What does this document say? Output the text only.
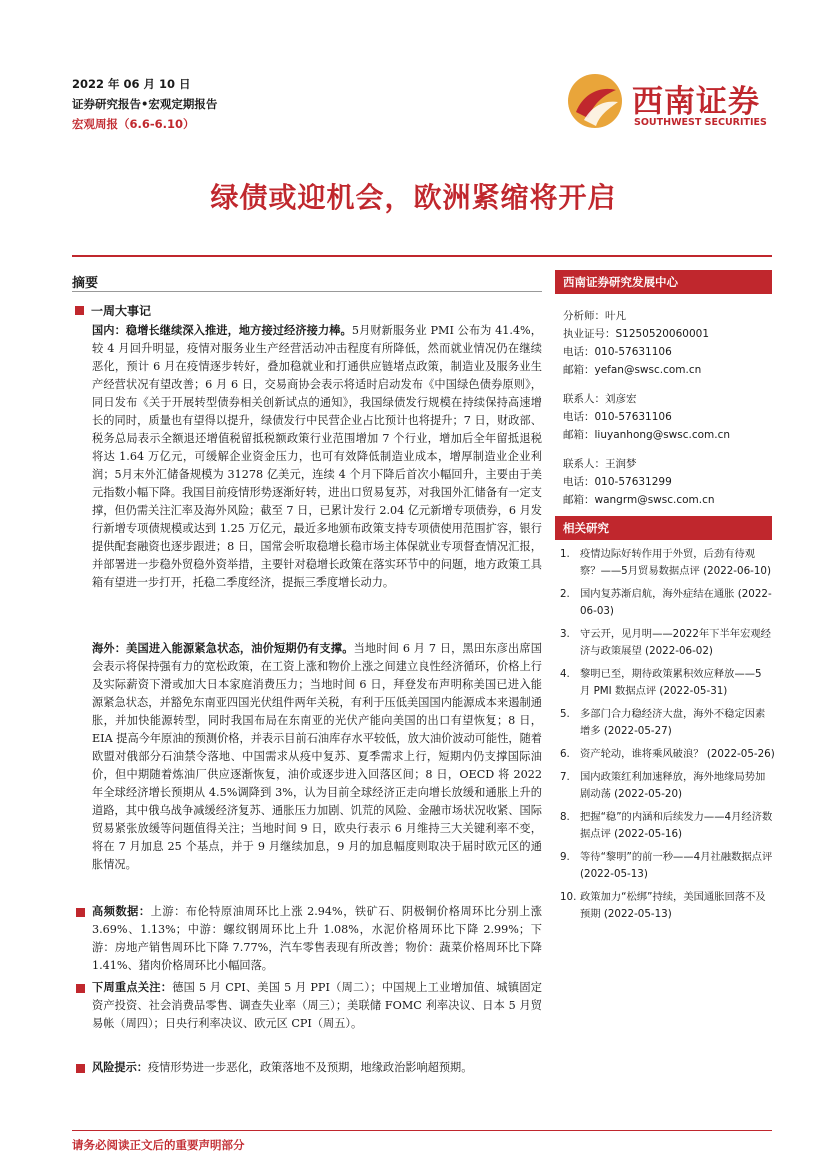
2022 年 06 月 10 日
证券研究报告•宏观定期报告
宏观周报（6.6-6.10）
西南证券
SOUTHWEST SECURITIES
绿债或迎机会，欧洲紧缩将开启
摘要
一周大事记

国内：稳增长继续深入推进，地方接过经济接力棒。5月财新服务业 PMI 公布为 41.4%，较 4 月回升明显，疫情对服务业生产经营活动冲击程度有所降低，然而就业情况仍在继续恶化，预计 6 月在疫情逐步转好，叠加稳就业和打通供应链堵点政策，制造业及服务业生产经营状况有望改善；6 月 6 日，交易商协会表示将适时启动发布《中国绿色债券原则》，同日发布《关于开展转型债券相关创新试点的通知》，我国绿债发行规模在持续保持高速增长的同时，质量也有望得以提升，绿债发行中民营企业占比预计也将提升；7 日，财政部、税务总局表示全额退还增值税留抵税额政策行业范围增加 7 个行业，增加后全年留抵退税将达 1.64 万亿元，可缓解企业资金压力，也可有效降低制造业成本，增厚制造业企业利润；5月末外汇储备规模为 31278 亿美元，连续 4 个月下降后首次小幅回升，主要由于美元指数小幅下降。我国目前疫情形势逐渐好转，进出口贸易复苏，对我国外汇储备有一定支撑，但仍需关注汇率及海外风险；截至 7 日，已累计发行 2.04 亿元新增专项债券，6 月发行新增专项债规模或达到 1.25 万亿元，最近多地颁布政策支持专项债使用范围扩容，银行提供配套融资也逐步跟进；8 日，国常会听取稳增长稳市场主体保就业专项督查情况汇报，并部署进一步稳外贸稳外资举措，主要针对稳增长政策在落实环节中的问题，地方政策工具箱有望进一步打开，托稳二季度经济，提振三季度增长动力。

海外：美国进入能源紧急状态，油价短期仍有支撑。当地时间 6 月 7 日，黑田东彦出席国会表示将保持强有力的宽松政策，在工资上涨和物价上涨之间建立良性经济循环，价格上行及实际薪资下滑或加大日本家庭消费压力；当地时间 6 日，拜登发布声明称美国已进入能源紧急状态，并豁免东南亚四国光伏组件两年关税，有利于压低美国国内能源成本来遏制通胀，并加快能源转型，同时我国布局在东南亚的光伏产能向美国的出口有望恢复；8 日，EIA 提高今年原油的预测价格，并表示目前石油库存水平较低，放大油价波动可能性，随着欧盟对俄部分石油禁令落地、中国需求从疫中复苏、夏季需求上行，短期内仍支撑国际油价，但中期随着炼油厂供应逐渐恢复，油价或逐步进入回落区间；8 日，OECD 将 2022 年全球经济增长预期从 4.5%调降到 3%，认为目前全球经济正走向增长放缓和通胀上升的道路，其中俄乌战争减缓经济复苏、通胀压力加剧、饥荒的风险、金融市场状况收紧、国际贸易紧张放缓等问题值得关注；当地时间 9 日，欧央行表示 6 月维持三大关键利率不变，将在 7 月加息 25 个基点，并于 9 月继续加息，9 月的加息幅度则取决于届时欧元区的通胀情况。

高频数据：上游：布伦特原油周环比上涨 2.94%，铁矿石、阴极铜价格周环比分别上涨 3.69%、1.13%；中游：螺纹钢周环比上升 1.08%，水泥价格周环比下降 2.99%；下游：房地产销售周环比下降 7.77%，汽车零售表现有所改善；物价：蔬菜价格周环比下降 1.41%、猪肉价格周环比小幅回落。

下周重点关注：德国 5 月 CPI、美国 5 月 PPI（周二）；中国规上工业增加值、城镇固定资产投资、社会消费品零售、调查失业率（周三）；美联储 FOMC 利率决议、日本 5 月贸易帐（周四）；日央行利率决议、欧元区 CPI（周五）。

风险提示：疫情形势进一步恶化，政策落地不及预期，地缘政治影响超预期。

西南证券研究发展中心
分析师：叶凡
执业证号：S1250520060001
电话：010-57631106
邮箱：yefan@swsc.com.cn
联系人：刘彦宏
电话：010-57631106
邮箱：liuyanhong@swsc.com.cn
联系人：王润梦
电话：010-57631299
邮箱：wangrm@swsc.com.cn
相关研究
1. 疫情边际好转作用于外贸，后劲有待观察？——5月贸易数据点评 (2022-06-10)
2. 国内复苏渐启航，海外症结在通胀 (2022-06-03)
3. 守云开，见月明——2022年下半年宏观经济与政策展望 (2022-06-02)
4. 黎明已至，期待政策累积效应释放——5 月 PMI 数据点评 (2022-05-31)
5. 多部门合力稳经济大盘，海外不稳定因素增多 (2022-05-27)
6. 资产轮动，谁将乘风破浪？ (2022-05-26)
7. 国内政策红利加速释放，海外地缘局势加剧动荡 (2022-05-20)
8. 把握“稳”的内涵和后续发力——4月经济数据点评 (2022-05-16)
9. 等待“黎明”的前一秒——4月社融数据点评 (2022-05-13)
10. 政策加力“松绑”持续，美国通胀回落不及预期 (2022-05-13)
请务必阅读正文后的重要声明部分
